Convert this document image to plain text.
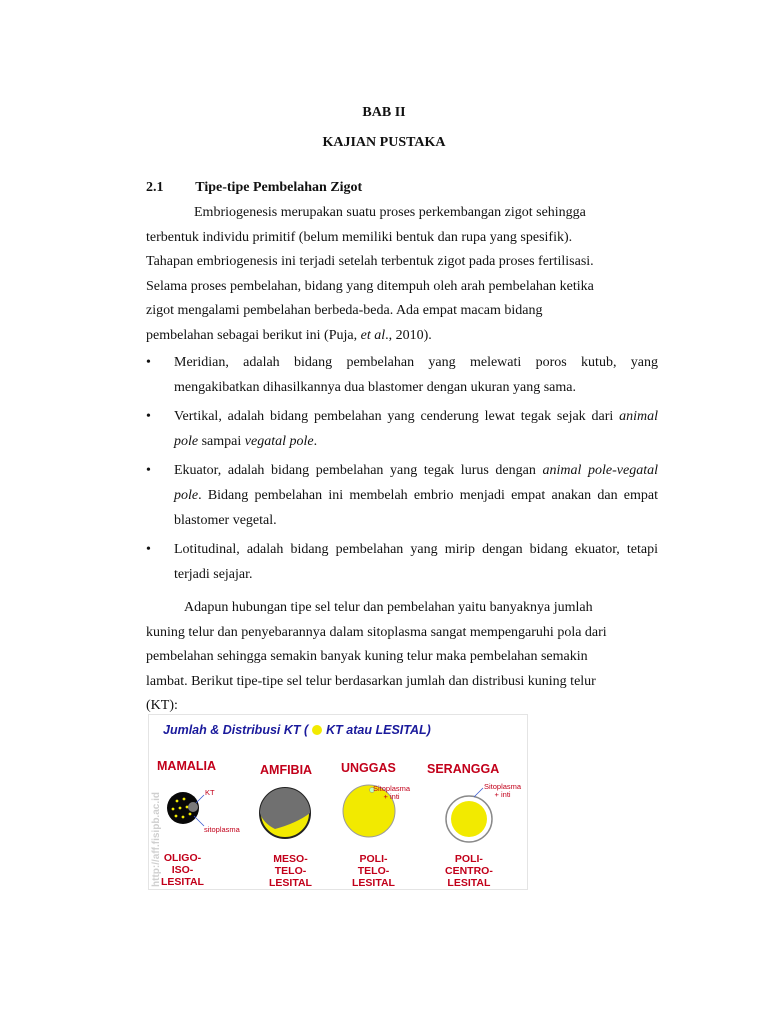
BAB II
KAJIAN PUSTAKA
2.1 Tipe-tipe Pembelahan Zigot

Embriogenesis merupakan suatu proses perkembangan zigot sehingga

terbentuk individu primitif (belum memiliki bentuk dan rupa yang spesifik).

Tahapan embriogenesis ini terjadi setelah terbentuk zigot pada proses fertilisasi.

Selama proses pembelahan, bidang yang ditempuh oleh arah pembelahan ketika

zigot mengalami pembelahan berbeda-beda. Ada empat macam bidang

pembelahan sebagai berikut ini (Puja, et al., 2010).

• Meridian, adalah bidang pembelahan yang melewati poros kutub, yang mengakibatkan dihasilkannya dua blastomer dengan ukuran yang sama.
• Vertikal, adalah bidang pembelahan yang cenderung lewat tegak sejak dari animal pole sampai vegatal pole.
• Ekuator, adalah bidang pembelahan yang tegak lurus dengan animal pole-vegatal pole. Bidang pembelahan ini membelah embrio menjadi empat anakan dan empat blastomer vegetal.
• Lotitudinal, adalah bidang pembelahan yang mirip dengan bidang ekuator, tetapi terjadi sejajar.

Adapun hubungan tipe sel telur dan pembelahan yaitu banyaknya jumlah

kuning telur dan penyebarannya dalam sitoplasma sangat mempengaruhi pola dari

pembelahan sehingga semakin banyak kuning telur maka pembelahan semakin

lambat. Berikut tipe-tipe sel telur berdasarkan jumlah dan distribusi kuning telur

(KT):

Jumlah & Distribusi KT ( KT atau LESITAL)
http://aff.fisipb.ac.id
MAMALIA	AMFIBIA UNGGAS SERANGGA
KT
sitoplasma
Sitoplasma
+ inti
Sitoplasma
+ inti
OLIGO-
ISO-
LESITAL
MESO-
TELO-
LESITAL
POLI-
TELO-
LESITAL
POLI-
CENTRO-
LESITAL
